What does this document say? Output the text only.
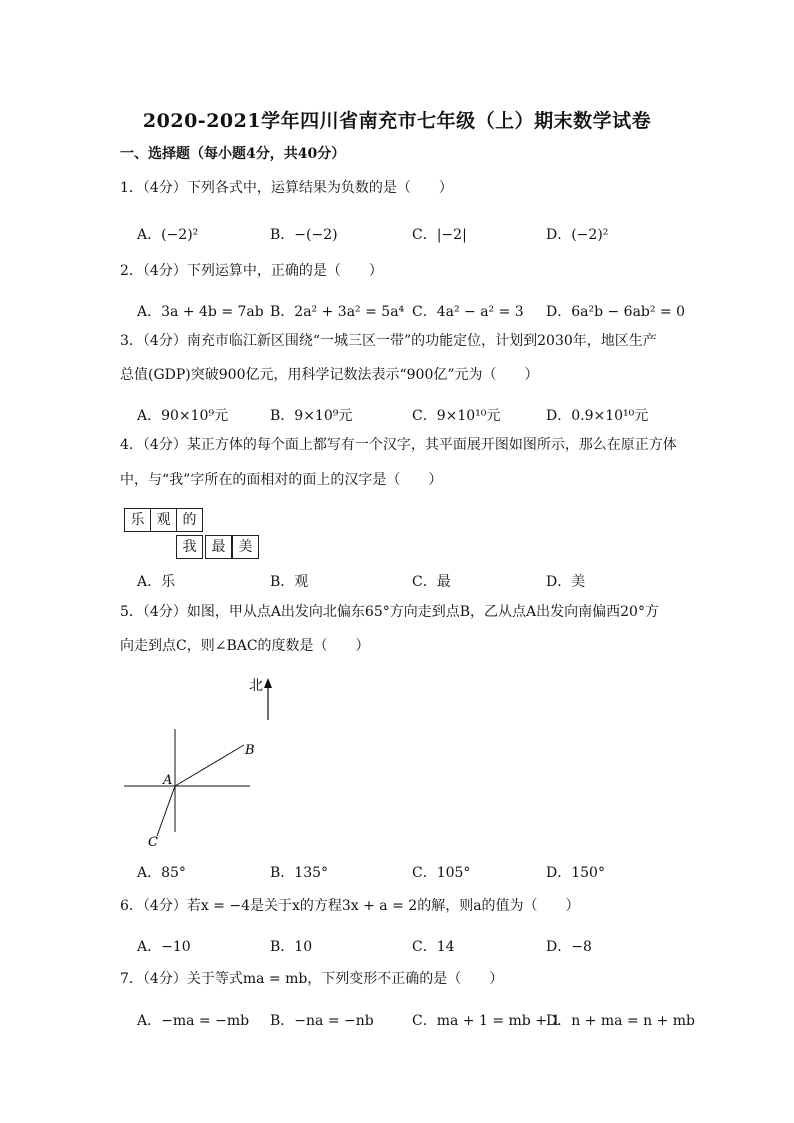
2020-2021学年四川省南充市七年级（上）期末数学试卷
一、选择题（每小题4分，共40分）
1．（4分）下列各式中，运算结果为负数的是（　　）
A．(−2)²	B．−(−2)	C．|−2|	D．(−2)²
2．（4分）下列运算中，正确的是（　　）
A．3a + 4b = 7ab B．2a² + 3a² = 5a⁴ C．4a² − a² = 3 D．6a²b − 6ab² = 0
3．（4分）南充市临江新区围绕“一城三区一带”的功能定位，计划到2030年，地区生产
总值(GDP)突破900亿元，用科学记数法表示“900亿”元为（　　）
A．90×10⁹元	B．9×10⁹元	C．9×10¹⁰元	D．0.9×10¹⁰元
4．（4分）某正方体的每个面上都写有一个汉字，其平面展开图如图所示，那么在原正方体
中，与“我”字所在的面相对的面上的汉字是（　　）
乐 观 的
我	最 美
A．乐	B．观	C．最	D．美
5．（4分）如图，甲从点A出发向北偏东65°方向走到点B，乙从点A出发向南偏西20°方
向走到点C，则∠BAC的度数是（　　）
北
A
B
C
A．85°	B．135°	C．105°	D．150°
6．（4分）若x = −4是关于x的方程3x + a = 2的解，则a的值为（　　）
A．−10	B．10	C．14	D．−8
7．（4分）关于等式ma = mb，下列变形不正确的是（　　）
A．−ma = −mb B．−na = −nb	C．ma + 1 = mb + 1
D．n + ma = n + mb
